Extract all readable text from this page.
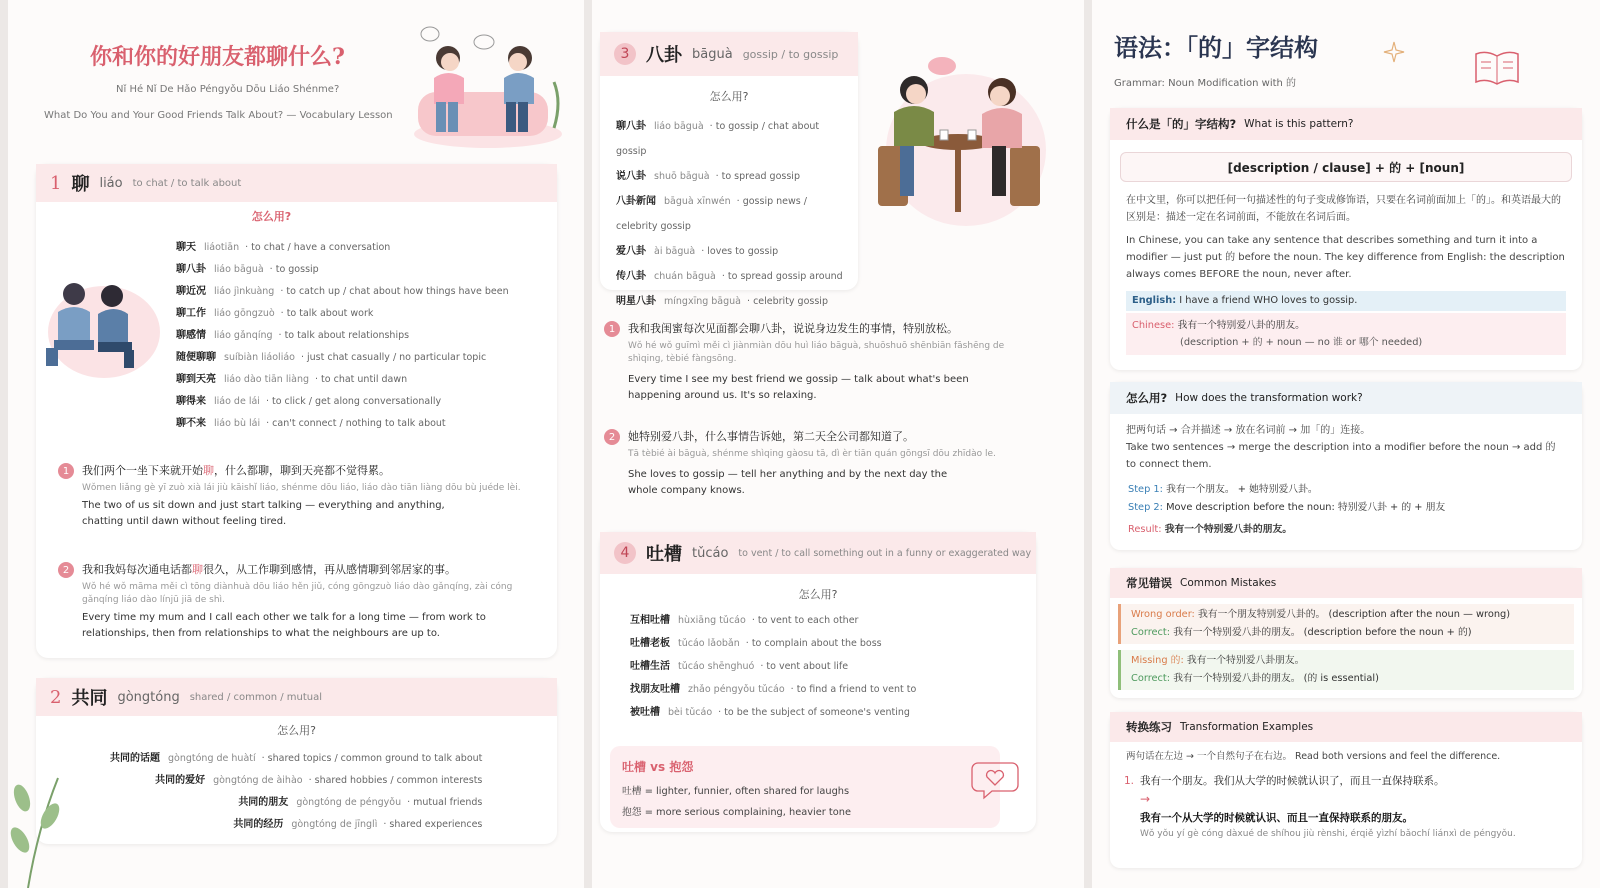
你和你的好朋友都聊什么?
Nǐ Hé Nǐ De Hǎo Péngyǒu Dōu Liáo Shénme?
What Do You and Your Good Friends Talk About? — Vocabulary Lesson
1 聊 liáo to chat / to talk about
怎么用?
聊天 liáotiān · to chat / have a conversation
聊八卦 liáo bāguà · to gossip
聊近况 liáo jìnkuàng · to catch up / chat about how things have been
聊工作 liáo gōngzuò · to talk about work
聊感情 liáo gǎnqíng · to talk about relationships
随便聊聊 suíbiàn liáoliáo · just chat casually / no particular topic
聊到天亮 liáo dào tiān liàng · to chat until dawn
聊得来 liáo de lái · to click / get along conversationally
聊不来 liáo bù lái · can't connect / nothing to talk about
1	我们两个一坐下来就开始聊，什么都聊，聊到天亮都不觉得累。
Wǒmen liǎng gè yī zuò xià lái jiù kāishǐ liáo, shénme dōu liáo, liáo dào tiān liàng dōu bù juéde lèi.
The two of us sit down and just start talking — everything and anything, chatting until dawn without feeling tired.
2	我和我妈每次通电话都聊很久，从工作聊到感情，再从感情聊到邻居家的事。
Wǒ hé wǒ māma měi cì tōng diànhuà dōu liáo hěn jiǔ, cóng gōngzuò liáo dào gǎnqíng, zài cóng gǎnqíng liáo dào línjū jiā de shì.
Every time my mum and I call each other we talk for a long time — from work to relationships, then from relationships to what the neighbours are up to.
2 共同 gòngtóng shared / common / mutual
怎么用?
共同的话题 gòngtóng de huàtí · shared topics / common ground to talk about
共同的爱好 gòngtóng de àihào · shared hobbies / common interests
共同的朋友 gòngtóng de péngyǒu · mutual friends
共同的经历 gòngtóng de jīnglì · shared experiences
3 八卦 bāguà gossip / to gossip
怎么用?
聊八卦 liáo bāguà · to gossip / chat about gossip
说八卦 shuō bāguà · to spread gossip
八卦新闻 bāguà xīnwén · gossip news / celebrity gossip
爱八卦 ài bāguà · loves to gossip
传八卦 chuán bāguà · to spread gossip around
明星八卦 míngxīng bāguà · celebrity gossip
1	我和我闺蜜每次见面都会聊八卦，说说身边发生的事情，特别放松。
Wǒ hé wǒ guīmì měi cì jiànmiàn dōu huì liáo bāguà, shuōshuō shēnbiān fāshēng de shìqing, tèbié fàngsōng.
Every time I see my best friend we gossip — talk about what's been happening around us. It's so relaxing.
2	她特别爱八卦，什么事情告诉她，第二天全公司都知道了。
Tā tèbié ài bāguà, shénme shìqing gàosu tā, dì èr tiān quán gōngsī dōu zhīdào le.
She loves to gossip — tell her anything and by the next day the whole company knows.
4 吐槽 tǔcáo to vent / to call something out in a funny or exaggerated way
怎么用?
互相吐槽 hùxiāng tǔcáo · to vent to each other
吐槽老板 tǔcáo lǎobǎn · to complain about the boss
吐槽生活 tǔcáo shēnghuó · to vent about life
找朋友吐槽 zhǎo péngyǒu tǔcáo · to find a friend to vent to
被吐槽 bèi tǔcáo · to be the subject of someone's venting
吐槽 vs 抱怨
吐槽 = lighter, funnier, often shared for laughs
抱怨 = more serious complaining, heavier tone
语法：「的」字结构
Grammar: Noun Modification with 的
什么是「的」字结构? What is this pattern?
[description / clause] + 的 + [noun]
在中文里，你可以把任何一句描述性的句子变成修饰语，只要在名词前面加上「的」。和英语最大的区别是：描述一定在名词前面，不能放在名词后面。
In Chinese, you can take any sentence that describes something and turn it into a modifier — just put 的 before the noun. The key difference from English: the description always comes BEFORE the noun, never after.
English: I have a friend WHO loves to gossip.
Chinese: 我有一个特别爱八卦的朋友。
(description + 的 + noun — no 谁 or 哪个 needed)
怎么用? How does the transformation work?
把两句话 → 合并描述 → 放在名词前 → 加「的」连接。
Take two sentences → merge the description into a modifier before the noun → add 的 to connect them.
Step 1: 我有一个朋友。 + 她特别爱八卦。
Step 2: Move description before the noun: 特别爱八卦 + 的 + 朋友
Result: 我有一个特别爱八卦的朋友。
常见错误 Common Mistakes
Wrong order: 我有一个朋友特别爱八卦的。 (description after the noun — wrong)
Correct: 我有一个特别爱八卦的朋友。 (description before the noun + 的)
Missing 的: 我有一个特别爱八卦朋友。
Correct: 我有一个特别爱八卦的朋友。 (的 is essential)
转换练习 Transformation Examples
两句话在左边 → 一个自然句子在右边。 Read both versions and feel the difference.
1. 我有一个朋友。我们从大学的时候就认识了，而且一直保持联系。
→
我有一个从大学的时候就认识、而且一直保持联系的朋友。
Wǒ yǒu yí gè cóng dàxué de shíhou jiù rènshi, érqiě yìzhí bǎochí liánxì de péngyǒu.
